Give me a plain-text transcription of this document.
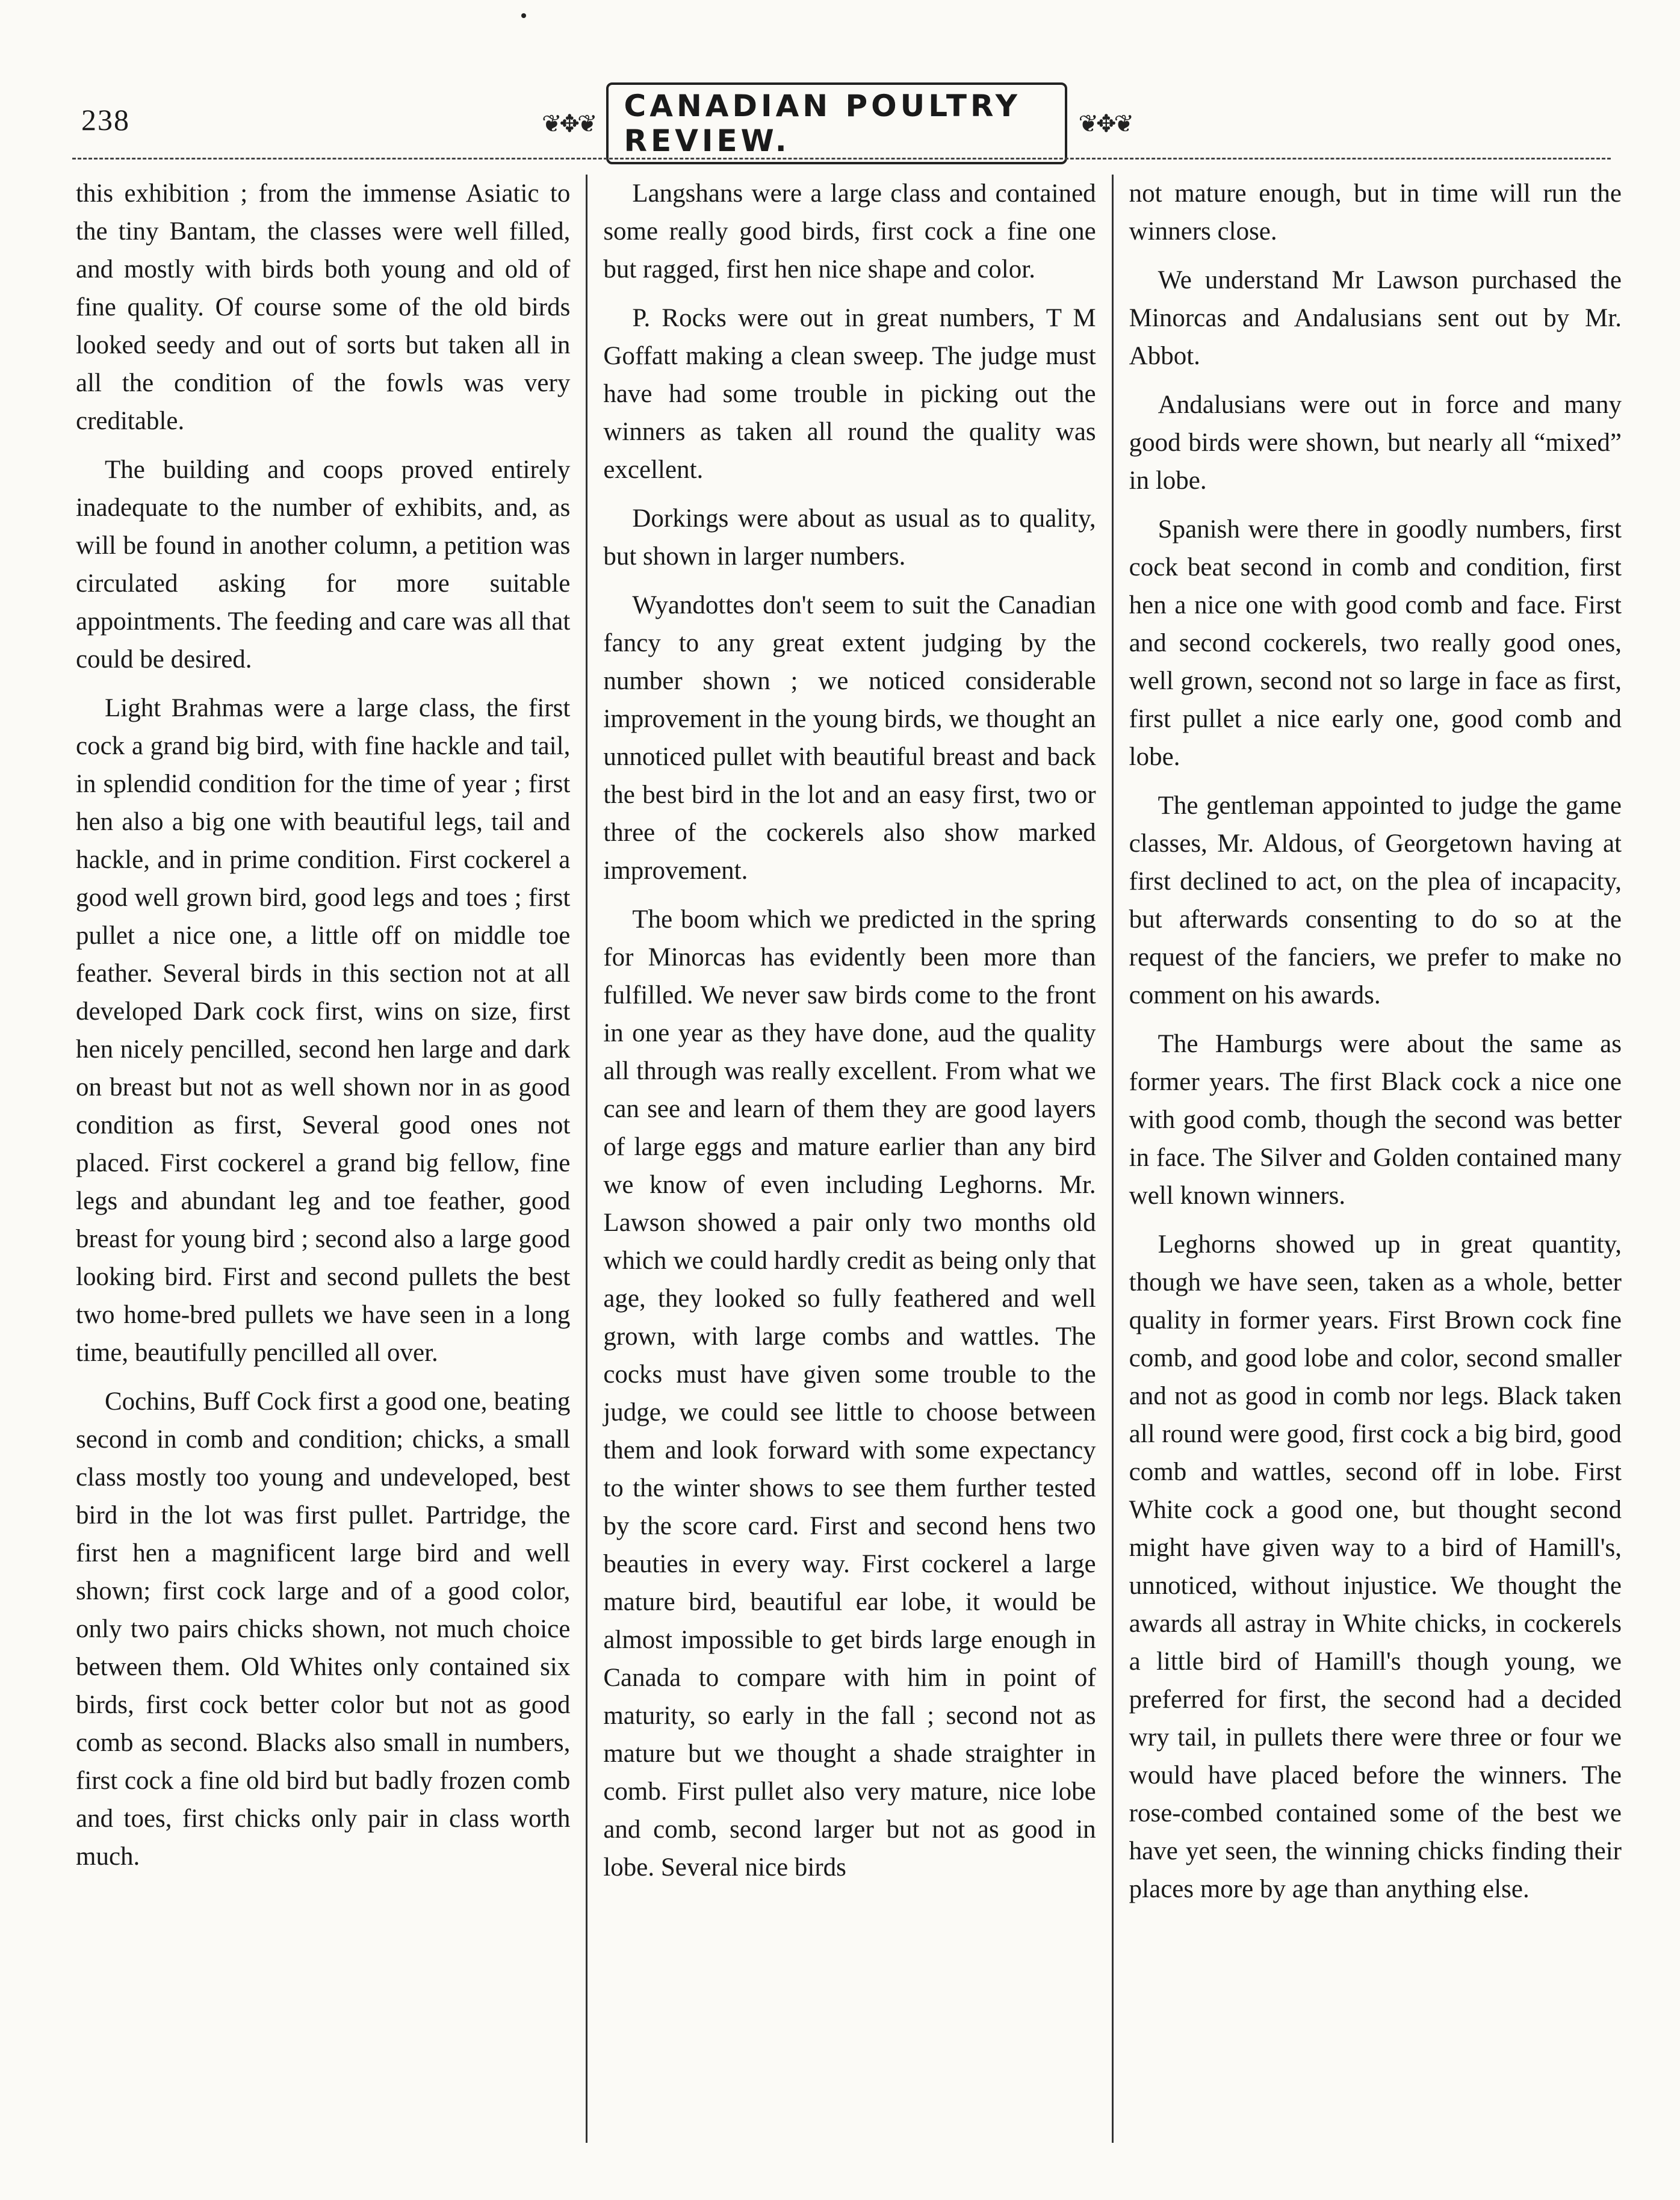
238	❦✥❦ CANADIAN POULTRY REVIEW.	❦✥❦

this exhibition ; from the immense Asiatic to the tiny Bantam, the classes were well filled, and mostly with birds both young and old of fine quality. Of course some of the old birds looked seedy and out of sorts but taken all in all the condition of the fowls was very creditable.

The building and coops proved entirely inadequate to the number of exhibits, and, as will be found in another column, a petition was circulated asking for more suitable appointments. The feeding and care was all that could be desired.

Light Brahmas were a large class, the first cock a grand big bird, with fine hackle and tail, in splendid condition for the time of year ; first hen also a big one with beautiful legs, tail and hackle, and in prime condition. First cockerel a good well grown bird, good legs and toes ; first pullet a nice one, a little off on middle toe feather. Several birds in this section not at all developed Dark cock first, wins on size, first hen nicely pencilled, second hen large and dark on breast but not as well shown nor in as good condition as first, Several good ones not placed. First cockerel a grand big fellow, fine legs and abundant leg and toe feather, good breast for young bird ; second also a large good looking bird. First and second pullets the best two home-bred pullets we have seen in a long time, beautifully pencilled all over.

Cochins, Buff Cock first a good one, beating second in comb and condition; chicks, a small class mostly too young and undeveloped, best bird in the lot was first pullet. Partridge, the first hen a magnificent large bird and well shown; first cock large and of a good color, only two pairs chicks shown, not much choice between them. Old Whites only contained six birds, first cock better color but not as good comb as second. Blacks also small in numbers, first cock a fine old bird but badly frozen comb and toes, first chicks only pair in class worth much.

Langshans were a large class and contained some really good birds, first cock a fine one but ragged, first hen nice shape and color.

P. Rocks were out in great numbers, T M Goffatt making a clean sweep. The judge must have had some trouble in picking out the winners as taken all round the quality was excellent.

Dorkings were about as usual as to quality, but shown in larger numbers.

Wyandottes don't seem to suit the Canadian fancy to any great extent judging by the number shown ; we noticed considerable improvement in the young birds, we thought an unnoticed pullet with beautiful breast and back the best bird in the lot and an easy first, two or three of the cockerels also show marked improvement.

The boom which we predicted in the spring for Minorcas has evidently been more than fulfilled. We never saw birds come to the front in one year as they have done, aud the quality all through was really excellent. From what we can see and learn of them they are good layers of large eggs and mature earlier than any bird we know of even including Leghorns. Mr. Lawson showed a pair only two months old which we could hardly credit as being only that age, they looked so fully feathered and well grown, with large combs and wattles. The cocks must have given some trouble to the judge, we could see little to choose between them and look forward with some expectancy to the winter shows to see them further tested by the score card. First and second hens two beauties in every way. First cockerel a large mature bird, beautiful ear lobe, it would be almost impossible to get birds large enough in Canada to compare with him in point of maturity, so early in the fall ; second not as mature but we thought a shade straighter in comb. First pullet also very mature, nice lobe and comb, second larger but not as good in lobe. Several nice birds

not mature enough, but in time will run the winners close.

We understand Mr Lawson purchased the Minorcas and Andalusians sent out by Mr. Abbot.

Andalusians were out in force and many good birds were shown, but nearly all “mixed” in lobe.

Spanish were there in goodly numbers, first cock beat second in comb and condition, first hen a nice one with good comb and face. First and second cockerels, two really good ones, well grown, second not so large in face as first, first pullet a nice early one, good comb and lobe.

The gentleman appointed to judge the game classes, Mr. Aldous, of Georgetown having at first declined to act, on the plea of incapacity, but afterwards consenting to do so at the request of the fanciers, we prefer to make no comment on his awards.

The Hamburgs were about the same as former years. The first Black cock a nice one with good comb, though the second was better in face. The Silver and Golden contained many well known winners.

Leghorns showed up in great quantity, though we have seen, taken as a whole, better quality in former years. First Brown cock fine comb, and good lobe and color, second smaller and not as good in comb nor legs. Black taken all round were good, first cock a big bird, good comb and wattles, second off in lobe. First White cock a good one, but thought second might have given way to a bird of Hamill's, unnoticed, without injustice. We thought the awards all astray in White chicks, in cockerels a little bird of Hamill's though young, we preferred for first, the second had a decided wry tail, in pullets there were three or four we would have placed before the winners. The rose-combed contained some of the best we have yet seen, the winning chicks finding their places more by age than anything else.
